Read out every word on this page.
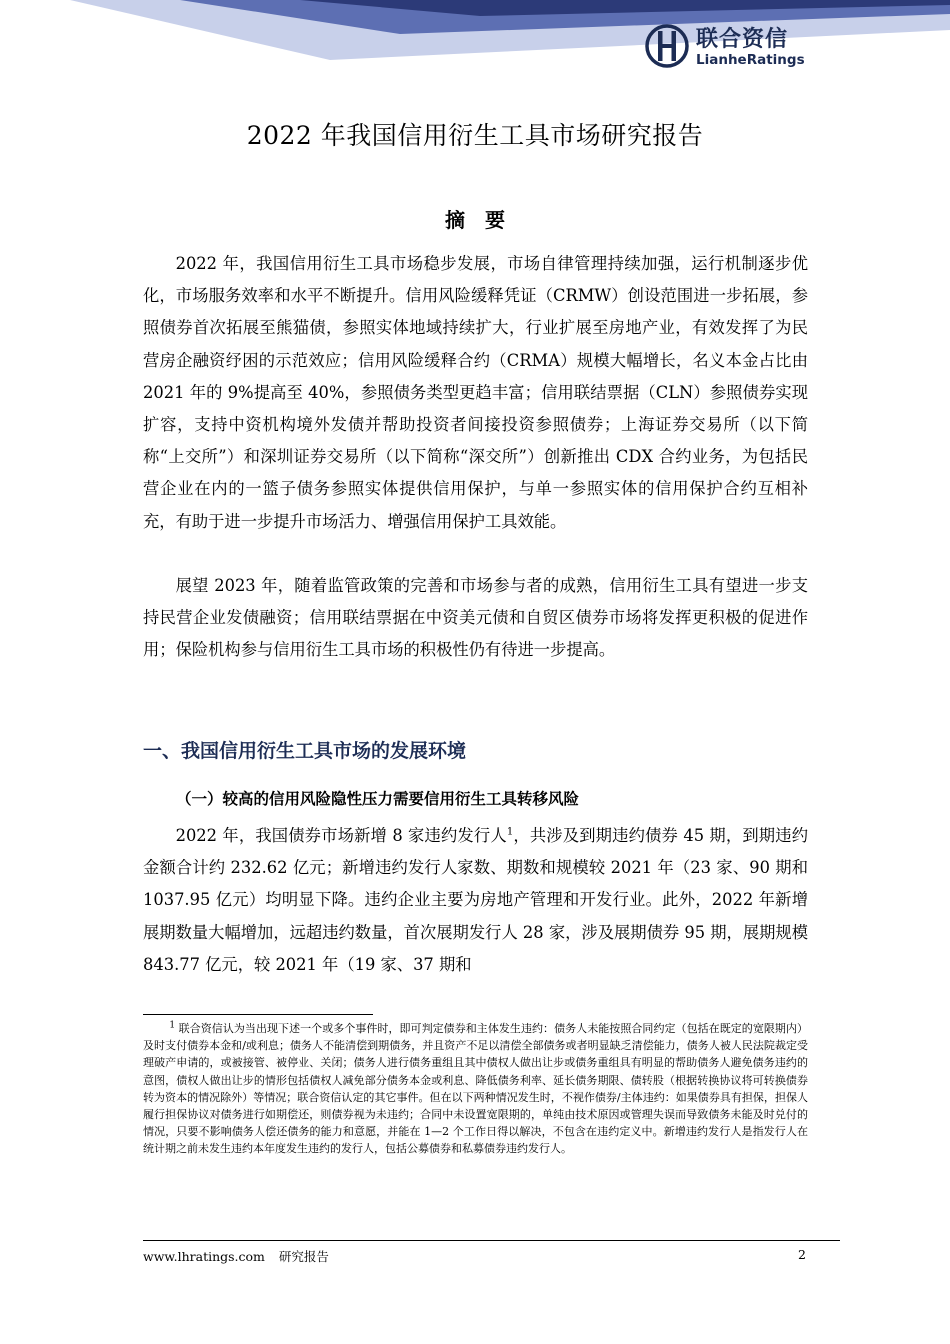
联合资信
LianheRatings
2022 年我国信用衍生工具市场研究报告
摘　要

2022 年，我国信用衍生工具市场稳步发展，市场自律管理持续加强，运行机制逐步优化，市场服务效率和水平不断提升。信用风险缓释凭证（CRMW）创设范围进一步拓展，参照债券首次拓展至熊猫债，参照实体地域持续扩大，行业扩展至房地产业，有效发挥了为民营房企融资纾困的示范效应；信用风险缓释合约（CRMA）规模大幅增长，名义本金占比由 2021 年的 9%提高至 40%，参照债务类型更趋丰富；信用联结票据（CLN）参照债券实现扩容，支持中资机构境外发债并帮助投资者间接投资参照债券；上海证券交易所（以下简称“上交所”）和深圳证券交易所（以下简称“深交所”）创新推出 CDX 合约业务，为包括民营企业在内的一篮子债务参照实体提供信用保护，与单一参照实体的信用保护合约互相补充，有助于进一步提升市场活力、增强信用保护工具效能。

展望 2023 年，随着监管政策的完善和市场参与者的成熟，信用衍生工具有望进一步支持民营企业发债融资；信用联结票据在中资美元债和自贸区债券市场将发挥更积极的促进作用；保险机构参与信用衍生工具市场的积极性仍有待进一步提高。

一、我国信用衍生工具市场的发展环境
（一）较高的信用风险隐性压力需要信用衍生工具转移风险

2022 年，我国债券市场新增 8 家违约发行人$^1$，共涉及到期违约债券 45 期，到期违约金额合计约 232.62 亿元；新增违约发行人家数、期数和规模较 2021 年（23 家、90 期和 1037.95 亿元）均明显下降。违约企业主要为房地产管理和开发行业。此外，2022 年新增展期数量大幅增加，远超违约数量，首次展期发行人 28 家，涉及展期债券 95 期，展期规模 843.77 亿元，较 2021 年（19 家、37 期和

$^1$ 联合资信认为当出现下述一个或多个事件时，即可判定债券和主体发生违约：债务人未能按照合同约定（包括在既定的宽限期内）及时支付债券本金和/或利息；债务人不能清偿到期债务，并且资产不足以清偿全部债务或者明显缺乏清偿能力，债务人被人民法院裁定受理破产申请的，或被接管、被停业、关闭；债务人进行债务重组且其中债权人做出让步或债务重组具有明显的帮助债务人避免债务违约的意图，债权人做出让步的情形包括债权人减免部分债务本金或利息、降低债务利率、延长债务期限、债转股（根据转换协议将可转换债券转为资本的情况除外）等情况；联合资信认定的其它事件。但在以下两种情况发生时，不视作债券/主体违约：如果债券具有担保，担保人履行担保协议对债务进行如期偿还，则债券视为未违约；合同中未设置宽限期的，单纯由技术原因或管理失误而导致债务未能及时兑付的情况，只要不影响债务人偿还债务的能力和意愿，并能在 1—2 个工作日得以解决，不包含在违约定义中。新增违约发行人是指发行人在统计期之前未发生违约本年度发生违约的发行人，包括公募债券和私募债券违约发行人。

www.lhratings.com 研究报告	2
